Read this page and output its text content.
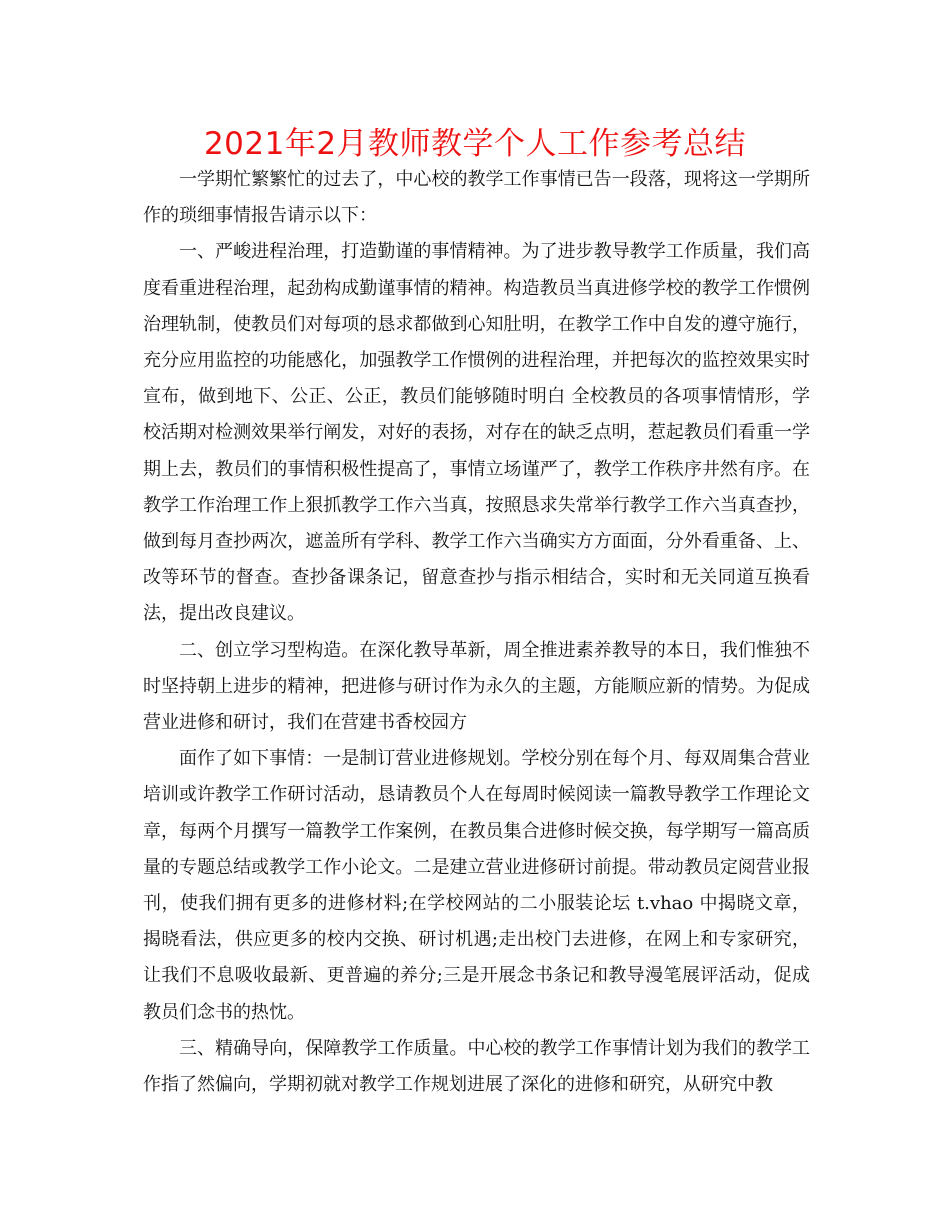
2021年2月教师教学个人工作参考总结

一学期忙繁繁忙的过去了，中心校的教学工作事情已告一段落，现将这一学期所作的琐细事情报告请示以下：

一、严峻进程治理，打造勤谨的事情精神。为了进步教导教学工作质量，我们高度看重进程治理，起劲构成勤谨事情的精神。构造教员当真进修学校的教学工作惯例治理轨制，使教员们对每项的恳求都做到心知肚明，在教学工作中自发的遵守施行，充分应用监控的功能感化，加强教学工作惯例的进程治理，并把每次的监控效果实时宣布，做到地下、公正、公正，教员们能够随时明白 全校教员的各项事情情形，学校活期对检测效果举行阐发，对好的表扬，对存在的缺乏点明，惹起教员们看重一学期上去，教员们的事情积极性提高了，事情立场谨严了，教学工作秩序井然有序。在教学工作治理工作上狠抓教学工作六当真，按照恳求失常举行教学工作六当真查抄，做到每月查抄两次，遮盖所有学科、教学工作六当确实方方面面，分外看重备、上、改等环节的督查。查抄备课条记，留意查抄与指示相结合，实时和无关同道互换看法，提出改良建议。

二、创立学习型构造。在深化教导革新，周全推进素养教导的本日，我们惟独不时坚持朝上进步的精神，把进修与研讨作为永久的主题，方能顺应新的情势。为促成营业进修和研讨，我们在营建书香校园方

面作了如下事情：一是制订营业进修规划。学校分别在每个月、每双周集合营业培训或许教学工作研讨活动，恳请教员个人在每周时候阅读一篇教导教学工作理论文章，每两个月撰写一篇教学工作案例，在教员集合进修时候交换，每学期写一篇高质量的专题总结或教学工作小论文。二是建立营业进修研讨前提。带动教员定阅营业报刊，使我们拥有更多的进修材料;在学校网站的二小服装论坛 t.vhao 中揭晓文章，揭晓看法，供应更多的校内交换、研讨机遇;走出校门去进修，在网上和专家研究，让我们不息吸收最新、更普遍的养分;三是开展念书条记和教导漫笔展评活动，促成教员们念书的热忱。

三、精确导向，保障教学工作质量。中心校的教学工作事情计划为我们的教学工作指了然偏向，学期初就对教学工作规划进展了深化的进修和研究，从研究中教
